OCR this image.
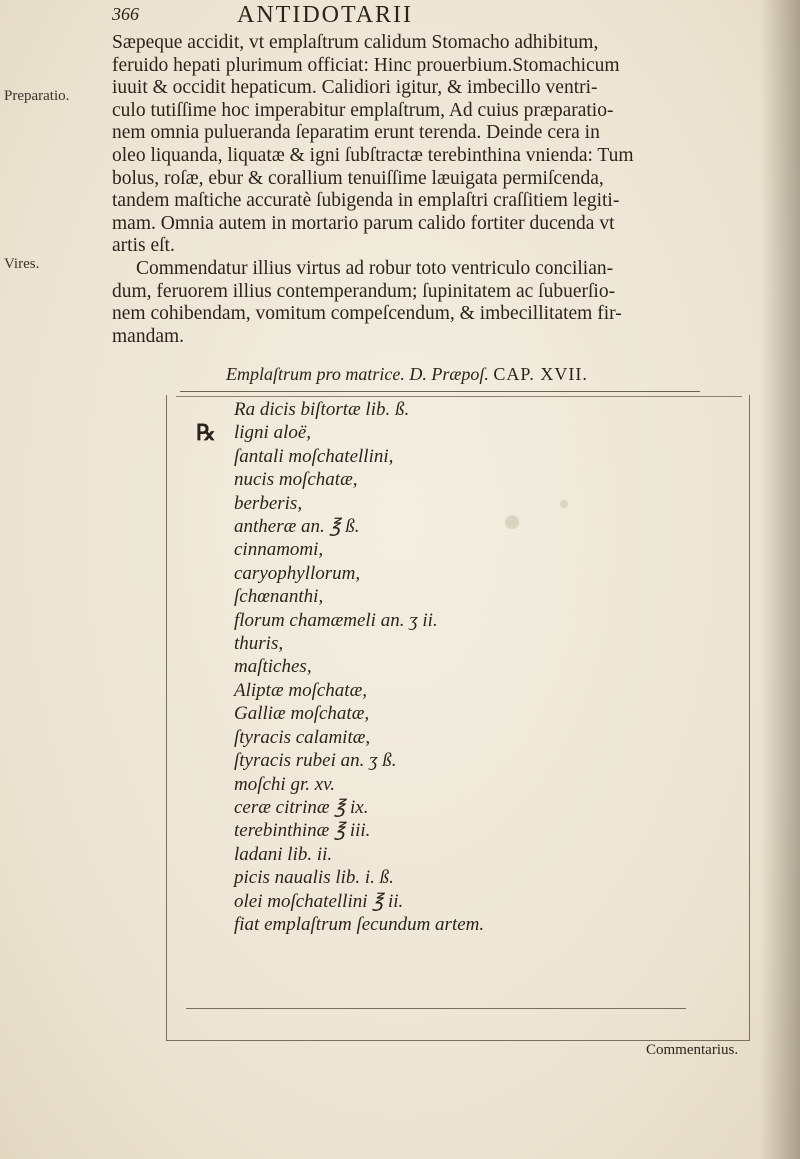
366	ANTIDOTARII
Preparatio.
Vires.

Sæpeque accidit, vt emplaſtrum calidum Stomacho adhibitum,
feruido hepati plurimum officiat: Hinc prouerbium.Stomachicum
iuuit & occidit hepaticum. Calidiori igitur, & imbecillo ventri-
culo tutiſſime hoc imperabitur emplaſtrum, Ad cuius præparatio-
nem omnia pulueranda ſeparatim erunt terenda. Deinde cera in
oleo liquanda, liquatæ & igni ſubſtractæ terebinthina vnienda: Tum
bolus, roſæ, ebur & corallium tenuiſſime læuigata permiſcenda,
tandem maſtiche accuratè ſubigenda in emplaſtri craſſitiem legiti-
mam. Omnia autem in mortario parum calido fortiter ducenda vt
artis eſt.

Commendatur illius virtus ad robur toto ventriculo concilian-
dum, feruorem illius contemperandum; ſupinitatem ac ſubuerſio-
nem cohibendam, vomitum compeſcendum, & imbecillitatem fir-
mandam.

Emplaſtrum pro matrice. D. Præpoſ. CAP. XVII.
Ra dicis biſtortæ lib. ß.
℞ ligni aloë,
ſantali moſchatellini,
nucis moſchatæ,
berberis,
antheræ an. ℥ ß.
cinnamomi,
caryophyllorum,
ſchœnanthi,
florum chamæmeli an. ʒ ii.
thuris,
maſtiches,
Aliptæ moſchatæ,
Galliæ moſchatæ,
ſtyracis calamitæ,
ſtyracis rubei an. ʒ ß.
moſchi gr. xv.
ceræ citrinæ ℥ ix.
terebinthinæ ℥ iii.
ladani lib. ii.
picis naualis lib. i. ß.
olei moſchatellini ℥ ii.
fiat emplaſtrum ſecundum artem.
Commentarius.
